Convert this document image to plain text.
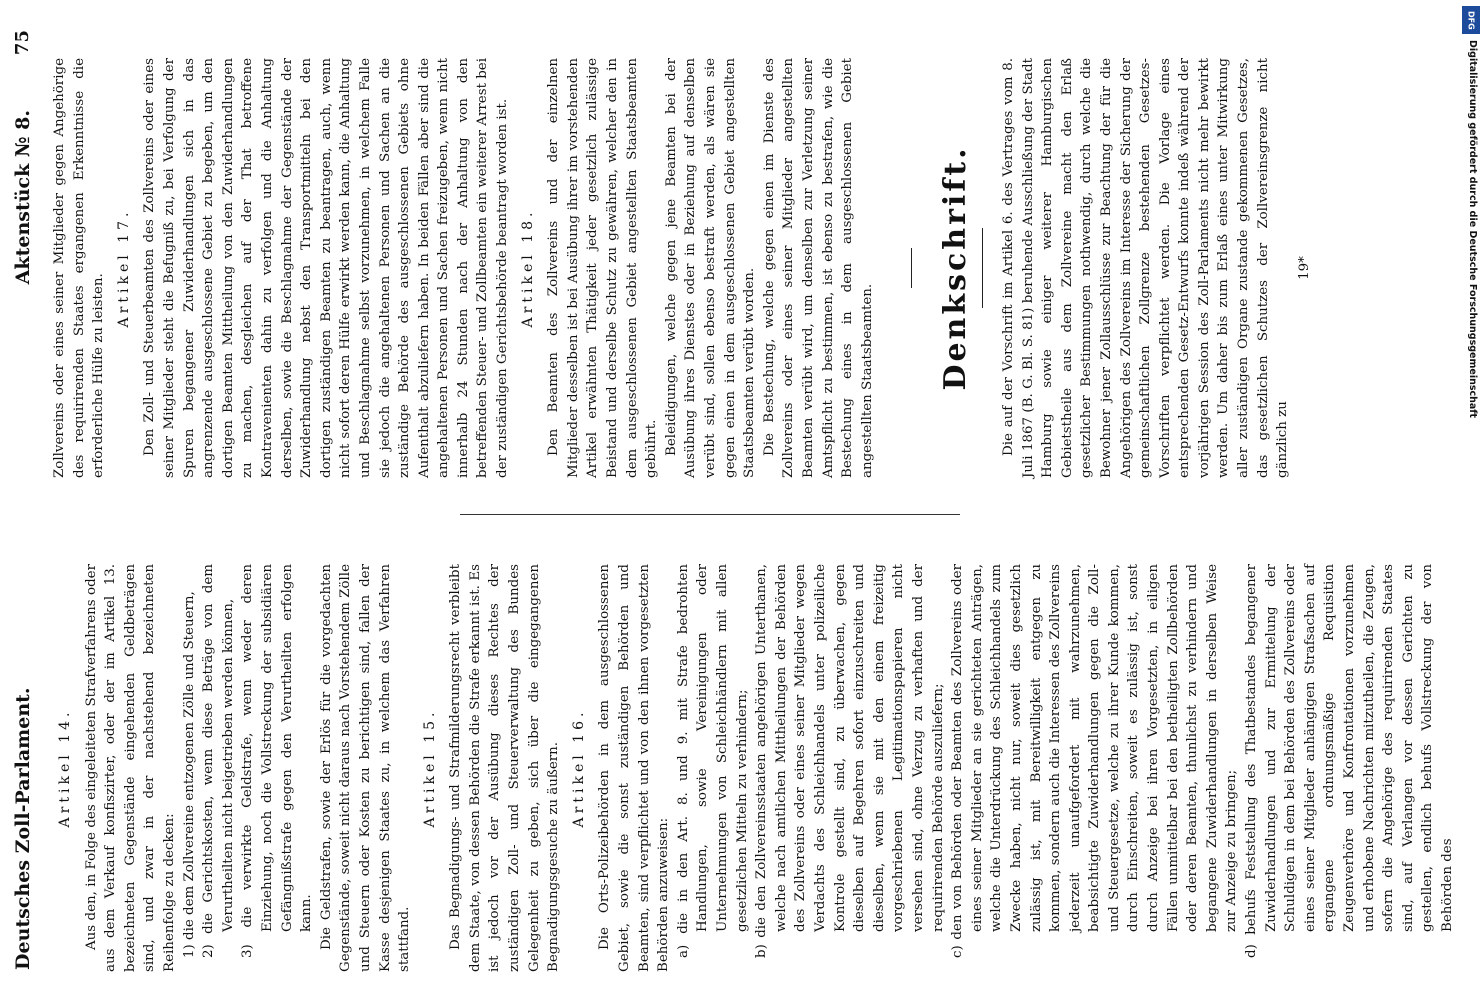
Deutsches Zoll-Parlament.
Aktenstück № 8.
75
Artikel 14. Aus den, in Folge des eingeleiteten Strafverfahrens oder aus dem Verkauf konfiszirter, oder der im Artikel 13. bezeichneten Gegenstände eingehenden Geldbeträgen sind, und zwar in der nachstehend bezeichneten Reihenfolge zu decken: 1) die dem Zollvereine entzogenen Zölle und Steuern, 2) die Gerichtskosten, wenn diese Beträge von dem Verurtheilten nicht beigetrieben werden können, 3) die verwirkte Geldstrafe, wenn weder deren Einziehung, noch die Vollstreckung der subsidiären Gefängnißstrafe gegen den Verurtheilten erfolgen kann. Die Geldstrafen, sowie der Erlös für die vorgedachten Gegenstände, soweit nicht daraus nach Vorstehendem Zölle und Steuern oder Kosten zu berichtigen sind, fallen der Kasse desjenigen Staates zu, in welchem das Verfahren stattfand.

Artikel 15. Das Begnadigungs- und Strafmilderungsrecht verbleibt dem Staate, von dessen Behörden die Strafe erkannt ist. Es ist jedoch vor der Ausübung dieses Rechtes der zuständigen Zoll- und Steuerverwaltung des Bundes Gelegenheit zu geben, sich über die eingegangenen Begnadigungsgesuche zu äußern. Artikel 16. Die Orts-Polizeibehörden in dem ausgeschlossenen Gebiet, sowie die sonst zuständigen Behörden und Beamten, sind verpflichtet und von den ihnen vorgesetzten Behörden anzuweisen: a) die in den Art. 8. und 9. mit Strafe bedrohten Handlungen, sowie Vereinigungen oder Unternehmungen von Schleichhändlern mit allen gesetzlichen Mitteln zu verhindern; b) die den Zollvereinsstaaten angehörigen Unterthanen, welche nach amtlichen Mittheilungen der Behörden des Zollvereins oder eines seiner Mitglieder wegen Verdachts des Schleichhandels unter polizeiliche Kontrole gestellt sind, zu überwachen, gegen dieselben auf Begehren sofort einzuschreiten und dieselben, wenn sie mit den einem freizeitig vorgeschriebenen Legitimationspapieren nicht versehen sind, ohne Verzug zu verhaften und der requirirenden Behörde auszuliefern; c) den von Behörden oder Beamten des Zollvereins oder eines seiner Mitglieder an sie gerichteten Anträgen, welche die Unterdrückung des Schleichhandels zum Zwecke haben, nicht nur, soweit dies gesetzlich zulässig ist, mit Bereitwilligkeit entgegen zu kommen, sondern auch die Interessen des Zollvereins jederzeit unaufgefordert mit wahrzunehmen, beabsichtigte Zuwiderhandlungen gegen die Zoll- und Steuergesetze, welche zu ihrer Kunde kommen, durch Einschreiten, soweit es zulässig ist, sonst durch Anzeige bei ihren Vorgesetzten, in eiligen Fällen unmittelbar bei den betheiligten Zollbehörden oder deren Beamten, thunlichst zu verhindern und begangene Zuwiderhandlungen in derselben Weise zur Anzeige zu bringen; d) behufs Feststellung des Thatbestandes begangener Zuwiderhandlungen und zur Ermittelung der Schuldigen in dem bei Behörden des Zollvereins oder eines seiner Mitglieder anhängigen Strafsachen auf ergangene ordnungsmäßige Requisition Zeugenverhöre und Konfrontationen vorzunehmen und erhobene Nachrichten mitzutheilen, die Zeugen, sofern die Angehörige des requirirenden Staates sind, auf Verlangen vor dessen Gerichten zu gestellen, endlich behufs Vollstreckung der von Behörden des

Zollvereins oder eines seiner Mitglieder gegen Angehörige des requirirenden Staates ergangenen Erkenntnisse die erforderliche Hülfe zu leisten.

Artikel 17. Den Zoll- und Steuerbeamten des Zollvereins oder eines seiner Mitglieder steht die Befugniß zu, bei Verfolgung der Spuren begangener Zuwiderhandlungen sich in das angrenzende ausgeschlossene Gebiet zu begeben, um den dortigen Beamten Mittheilung von den Zuwiderhandlungen zu machen, desgleichen auf der That betroffene Kontravenienten dahin zu verfolgen und die Anhaltung derselben, sowie die Beschlagnahme der Gegenstände der Zuwiderhandlung nebst den Transportmitteln bei den dortigen zuständigen Beamten zu beantragen, auch, wenn nicht sofort deren Hülfe erwirkt werden kann, die Anhaltung und Beschlagnahme selbst vorzunehmen, in welchem Falle sie jedoch die angehaltenen Personen und Sachen an die zuständige Behörde des ausgeschlossenen Gebiets ohne Aufenthalt abzuliefern haben. In beiden Fällen aber sind die angehaltenen Personen und Sachen freizugeben, wenn nicht innerhalb 24 Stunden nach der Anhaltung von den betreffenden Steuer- und Zollbeamten ein weiterer Arrest bei der zuständigen Gerichtsbehörde beantragt worden ist. Artikel 18. Den Beamten des Zollvereins und der einzelnen Mitglieder desselben ist bei Ausübung ihrer im vorstehenden Artikel erwähnten Thätigkeit jeder gesetzlich zulässige Beistand und derselbe Schutz zu gewähren, welcher den in dem ausgeschlossenen Gebiet angestellten Staatsbeamten gebührt. Beleidigungen, welche gegen jene Beamten bei der Ausübung ihres Dienstes oder in Beziehung auf denselben verübt sind, sollen ebenso bestraft werden, als wären sie gegen einen in dem ausgeschlossenen Gebiet angestellten Staatsbeamten verübt worden. Die Bestechung, welche gegen einen im Dienste des Zollvereins oder eines seiner Mitglieder angestellten Beamten verübt wird, um denselben zur Verletzung seiner Amtspflicht zu bestimmen, ist ebenso zu bestrafen, wie die Bestechung eines in dem ausgeschlossenen Gebiet angestellten Staatsbeamten. Denkschrift. Die auf der Vorschrift im Artikel 6. des Vertrages vom 8. Juli 1867 (B. G. Bl. S. 81) beruhende Ausschließung der Stadt Hamburg sowie einiger weiterer Hamburgischen Gebietstheile aus dem Zollvereine macht den Erlaß gesetzlicher Bestimmungen nothwendig, durch welche die Bewohner jener Zollausschlüsse zur Beachtung der für die Angehörigen des Zollvereins im Interesse der Sicherung der gemeinschaftlichen Zollgrenze bestehenden Gesetzes-Vorschriften verpflichtet werden. Die Vorlage eines entsprechenden Gesetz-Entwurfs konnte indeß während der vorjährigen Session des Zoll-Parlaments nicht mehr bewirkt werden. Um daher bis zum Erlaß eines unter Mitwirkung aller zuständigen Organe zustande gekommenen Gesetzes, das gesetzlichen Schutzes der Zollvereinsgrenze nicht gänzlich zu

19*
DFG
Digitalisierung gefördert durch die Deutsche Forschungsgemeinschaft
